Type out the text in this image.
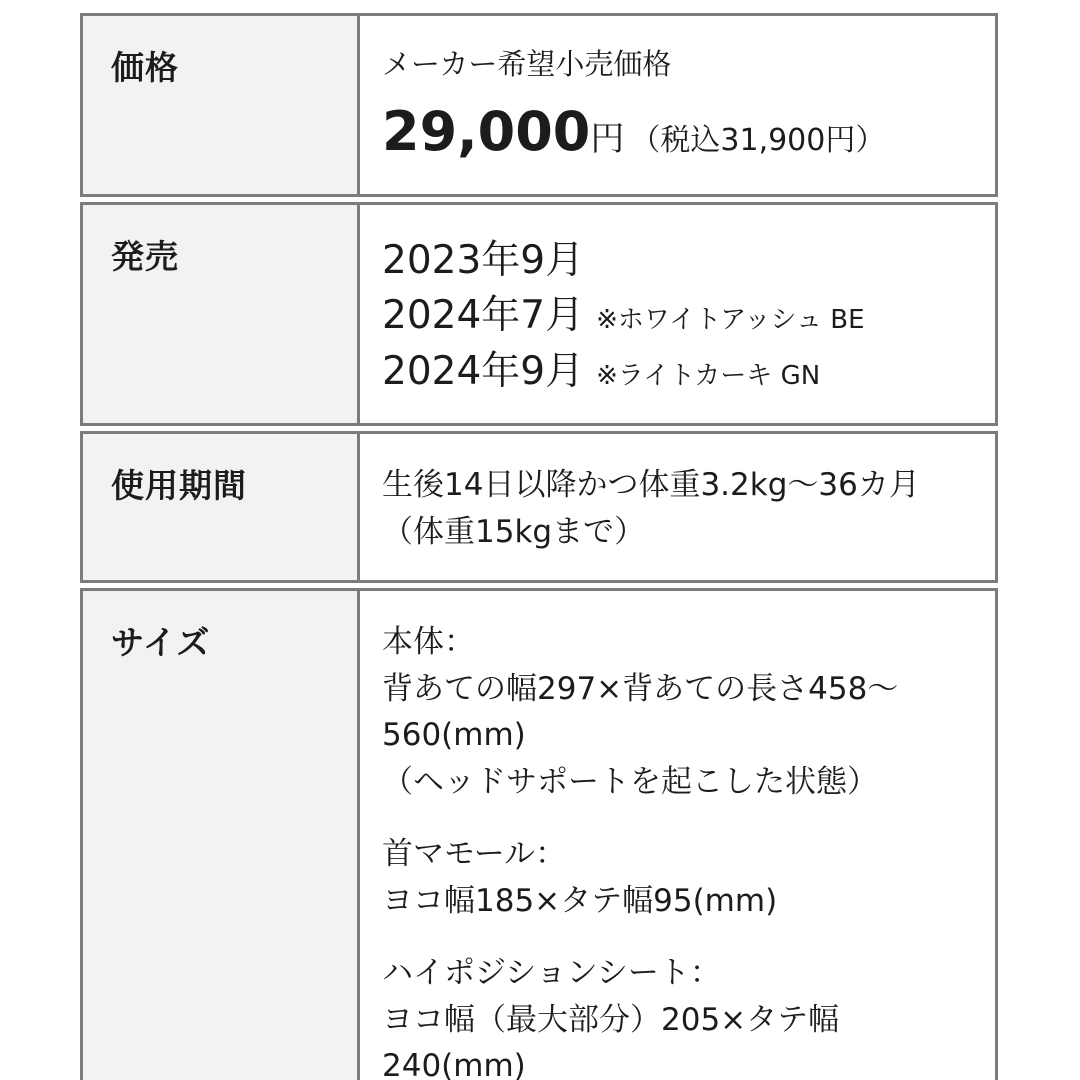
価格	メーカー希望小売価格
29,000円 （税込31,900円）

発売	2023年9月
2024年7月 ※ホワイトアッシュ BE
2024年9月 ※ライトカーキ GN

使用期間	生後14日以降かつ体重3.2kg〜36カ月
（体重15kgまで）

サイズ	本体：
背あての幅297×背あての長さ458〜
560(mm)
（ヘッドサポートを起こした状態）
首マモール：
ヨコ幅185×タテ幅95(mm)
ハイポジションシート：
ヨコ幅（最大部分）205×タテ幅240(mm)
